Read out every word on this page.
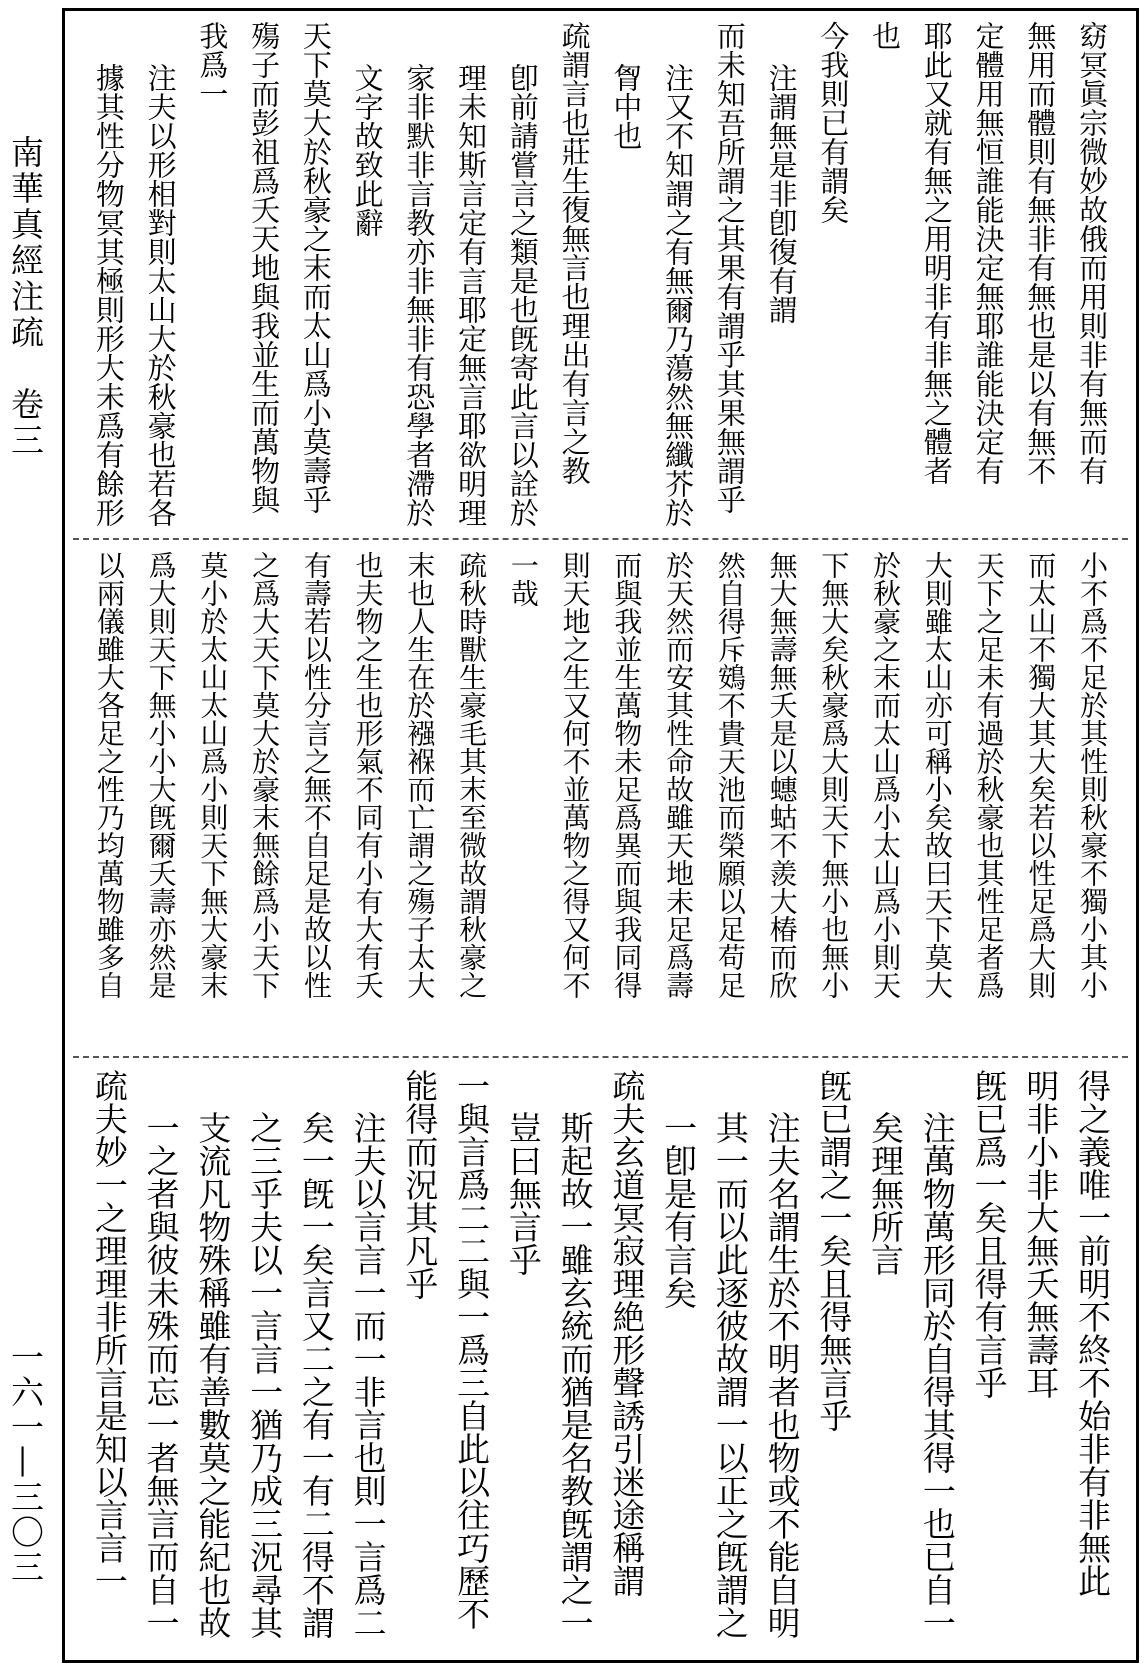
南華真經注疏　卷三
一六一—三〇三
窈冥眞宗微妙故俄而用則非有無而有
無用而體則有無非有無也是以有無不
定體用無恒誰能決定無耶誰能決定有
耶此又就有無之用明非有非無之體者
也
今我則已有謂矣
注謂無是非卽復有謂
而未知吾所謂之其果有謂乎其果無謂乎
注又不知謂之有無爾乃蕩然無纖芥於
胷中也
疏謂言也莊生復無言也理出有言之教
卽前請嘗言之類是也旣寄此言以詮於
理未知斯言定有言耶定無言耶欲明理
家非默非言教亦非無非有恐學者滯於
文字故致此辭
天下莫大於秋豪之末而太山爲小莫壽乎
殤子而彭祖爲夭天地與我並生而萬物與
我爲一
注夫以形相對則太山大於秋豪也若各
據其性分物冥其極則形大未爲有餘形
小不爲不足於其性則秋豪不獨小其小
而太山不獨大其大矣若以性足爲大則
天下之足未有過於秋豪也其性足者爲
大則雖太山亦可稱小矣故曰天下莫大
於秋豪之末而太山爲小太山爲小則天
下無大矣秋豪爲大則天下無小也無小
無大無壽無夭是以蟪蛄不羨大椿而欣
然自得斥鴳不貴天池而榮願以足苟足
於天然而安其性命故雖天地未足爲壽
而與我並生萬物未足爲異而與我同得
則天地之生又何不並萬物之得又何不
一哉
疏秋時獸生豪毛其末至微故謂秋豪之
末也人生在於襁褓而亡謂之殤子太大
也夫物之生也形氣不同有小有大有夭
有壽若以性分言之無不自足是故以性
之爲大天下莫大於豪末無餘爲小天下
莫小於太山太山爲小則天下無大豪末
爲大則天下無小小大旣爾夭壽亦然是
以兩儀雖大各足之性乃均萬物雖多自
得之義唯一前明不終不始非有非無此
明非小非大無夭無壽耳
旣已爲一矣且得有言乎
注萬物萬形同於自得其得一也已自一
矣理無所言
旣已謂之一矣且得無言乎
注夫名謂生於不明者也物或不能自明
其一而以此逐彼故謂一以正之旣謂之
一卽是有言矣
疏夫玄道冥寂理絶形聲誘引迷途稱謂
斯起故一雖玄統而猶是名教旣謂之一
豈曰無言乎
一與言爲二二與一爲三自此以往巧歷不
能得而況其凡乎
注夫以言言一而一非言也則一言爲二
矣一旣一矣言又二之有一有二得不謂
之三乎夫以一言言一猶乃成三況尋其
支流凡物殊稱雖有善數莫之能紀也故
一之者與彼未殊而忘一者無言而自一
疏夫妙一之理理非所言是知以言言一
